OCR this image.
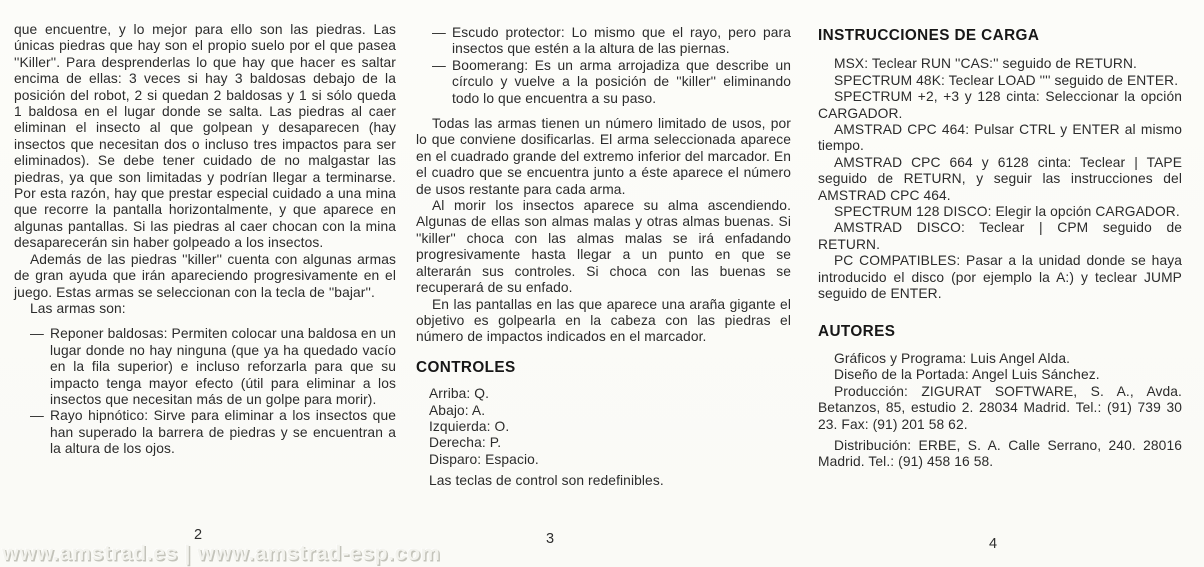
que encuentre, y lo mejor para ello son las piedras. Las únicas piedras que hay son el propio suelo por el que pasea ''Killer''. Para desprenderlas lo que hay que hacer es saltar encima de ellas: 3 veces si hay 3 baldosas debajo de la posición del robot, 2 si quedan 2 baldosas y 1 si sólo queda 1 baldosa en el lugar donde se salta. Las piedras al caer eliminan el insecto al que golpean y desaparecen (hay insectos que necesitan dos o incluso tres impactos para ser eliminados). Se debe tener cuidado de no malgastar las piedras, ya que son limitadas y podrían llegar a terminarse. Por esta razón, hay que prestar especial cuidado a una mina que recorre la pantalla horizontalmente, y que aparece en algunas pantallas. Si las piedras al caer chocan con la mina desaparecerán sin haber golpeado a los insectos.

Además de las piedras ''killer'' cuenta con algunas armas de gran ayuda que irán apareciendo progresivamente en el juego. Estas armas se seleccionan con la tecla de ''bajar''.

Las armas son:

— Reponer baldosas: Permiten colocar una baldosa en un lugar donde no hay ninguna (que ya ha quedado vacío en la fila superior) e incluso reforzarla para que su impacto tenga mayor efecto (útil para eliminar a los insectos que necesitan más de un golpe para morir).
— Rayo hipnótico: Sirve para eliminar a los insectos que han superado la barrera de piedras y se encuentran a la altura de los ojos.
— Escudo protector: Lo mismo que el rayo, pero para insectos que estén a la altura de las piernas.
— Boomerang: Es un arma arrojadiza que describe un círculo y vuelve a la posición de ''killer'' eliminando todo lo que encuentra a su paso.

Todas las armas tienen un número limitado de usos, por lo que conviene dosificarlas. El arma seleccionada aparece en el cuadrado grande del extremo inferior del marcador. En el cuadro que se encuentra junto a éste aparece el número de usos restante para cada arma.

Al morir los insectos aparece su alma ascendiendo. Algunas de ellas son almas malas y otras almas buenas. Si ''killer'' choca con las almas malas se irá enfadando progresivamente hasta llegar a un punto en que se alterarán sus controles. Si choca con las buenas se recuperará de su enfado.

En las pantallas en las que aparece una araña gigante el objetivo es golpearla en la cabeza con las piedras el número de impactos indicados en el marcador.

CONTROLES
Arriba: Q.
Abajo: A.
Izquierda: O.
Derecha: P.
Disparo: Espacio.
Las teclas de control son redefinibles.
INSTRUCCIONES DE CARGA

MSX: Teclear RUN ''CAS:'' seguido de RETURN.

SPECTRUM 48K: Teclear LOAD '''' seguido de ENTER.

SPECTRUM +2, +3 y 128 cinta: Seleccionar la opción CARGADOR.

AMSTRAD CPC 464: Pulsar CTRL y ENTER al mismo tiempo.

AMSTRAD CPC 664 y 6128 cinta: Teclear | TAPE seguido de RETURN, y seguir las instrucciones del AMSTRAD CPC 464.

SPECTRUM 128 DISCO: Elegir la opción CARGADOR.

AMSTRAD DISCO: Teclear | CPM seguido de RETURN.

PC COMPATIBLES: Pasar a la unidad donde se haya introducido el disco (por ejemplo la A:) y teclear JUMP seguido de ENTER.

AUTORES

Gráficos y Programa: Luis Angel Alda.

Diseño de la Portada: Angel Luis Sánchez.

Producción: ZIGURAT SOFTWARE, S. A., Avda. Betanzos, 85, estudio 2. 28034 Madrid. Tel.: (91) 739 30 23. Fax: (91) 201 58 62.

Distribución: ERBE, S. A. Calle Serrano, 240. 28016 Madrid. Tel.: (91) 458 16 58.

2	3	4
www.amstrad.es | www.amstrad-esp.com
